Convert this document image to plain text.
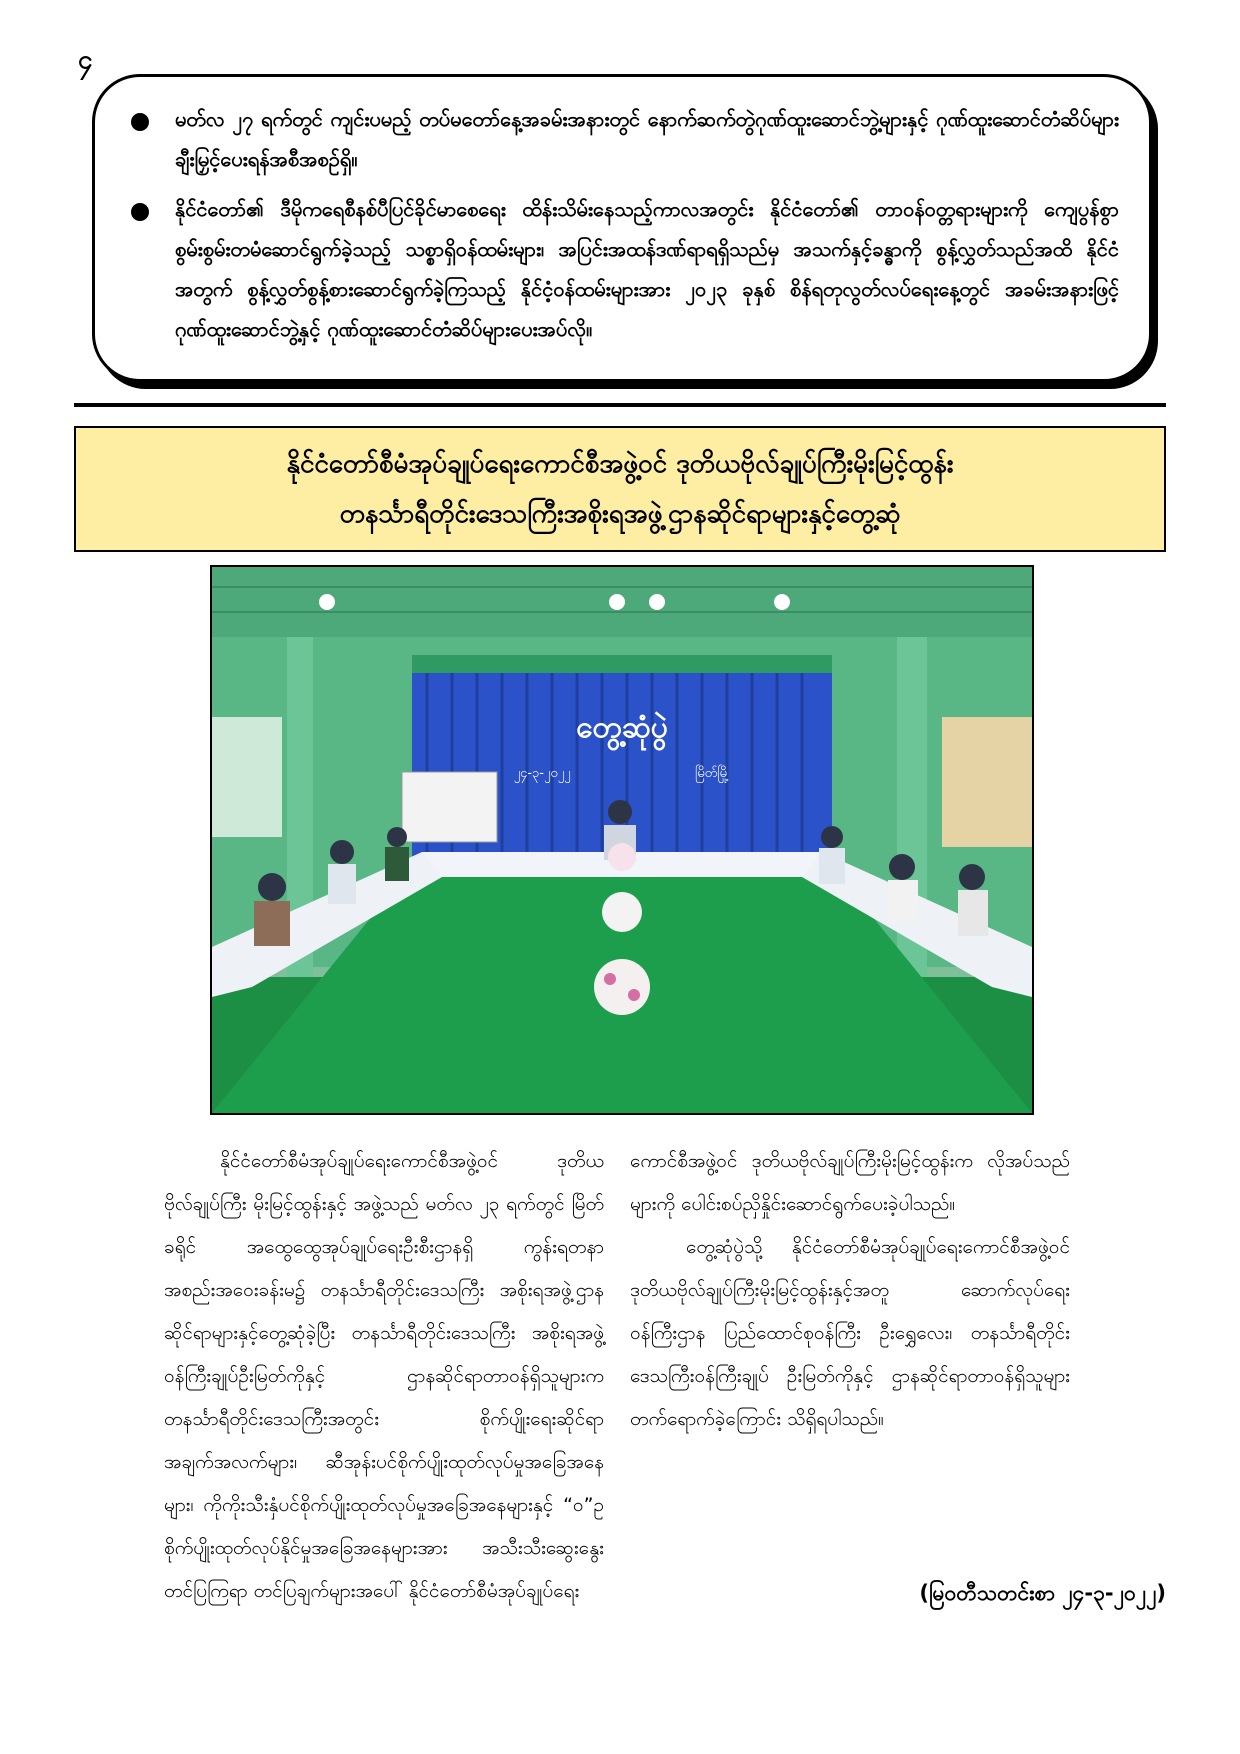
၄
မတ်လ ၂၇ ရက်တွင် ကျင်းပမည့် တပ်မတော်နေ့အခမ်းအနားတွင် နောက်ဆက်တွဲဂုဏ်ထူးဆောင်ဘွဲ့များနှင့် ဂုဏ်ထူးဆောင်တံဆိပ်များ ချီးမြှင့်ပေးရန်အစီအစဉ်ရှိ။
နိုင်ငံတော်၏ ဒီမိုကရေစီနစ်ပီပြင်ခိုင်မာစေရေး ထိန်းသိမ်းနေသည့်ကာလအတွင်း နိုင်ငံတော်၏ တာဝန်ဝတ္တရားများကို ကျေပွန်စွာ စွမ်းစွမ်းတမံဆောင်ရွက်ခဲ့သည့် သစ္စာရှိဝန်ထမ်းများ၊ အပြင်းအထန်ဒဏ်ရာရရှိသည်မှ အသက်နှင့်ခန္ဓာကို စွန့်လွှတ်သည်အထိ နိုင်ငံအတွက် စွန့်လွှတ်စွန့်စားဆောင်ရွက်ခဲ့ကြသည့် နိုင်ငံ့ဝန်ထမ်းများအား ၂၀၂၃ ခုနှစ် စိန်ရတုလွတ်လပ်ရေးနေ့တွင် အခမ်းအနားဖြင့် ဂုဏ်ထူးဆောင်ဘွဲ့နှင့် ဂုဏ်ထူးဆောင်တံဆိပ်များပေးအပ်လို။
နိုင်ငံတော်စီမံအုပ်ချုပ်ရေးကောင်စီအဖွဲ့ဝင် ဒုတိယဗိုလ်ချုပ်ကြီးမိုးမြင့်ထွန်း
တနင်္သာရီတိုင်းဒေသကြီးအစိုးရအဖွဲ့ဌာနဆိုင်ရာများနှင့်တွေ့ဆုံ
တွေ့ဆုံပွဲ
၂၄-၃-၂၀၂၂	မြိတ်မြို့

နိုင်ငံတော်စီမံအုပ်ချုပ်ရေးကောင်စီအဖွဲ့ဝင် ဒုတိယဗိုလ်ချုပ်ကြီး မိုးမြင့်ထွန်းနှင့် အဖွဲ့သည် မတ်လ ၂၃ ရက်တွင် မြိတ်ခရိုင် အထွေထွေအုပ်ချုပ်ရေးဦးစီးဌာနရှိ ကွန်းရတနာအစည်းအဝေးခန်းမ၌ တနင်္သာရီတိုင်းဒေသကြီး အစိုးရအဖွဲ့ဌာနဆိုင်ရာများနှင့်တွေ့ဆုံခဲ့ပြီး တနင်္သာရီတိုင်းဒေသကြီး အစိုးရအဖွဲ့ဝန်ကြီးချုပ်ဦးမြတ်ကိုနှင့် ဌာနဆိုင်ရာတာဝန်ရှိသူများက တနင်္သာရီတိုင်းဒေသကြီးအတွင်း စိုက်ပျိုးရေးဆိုင်ရာ အချက်အလက်များ၊ ဆီအုန်းပင်စိုက်ပျိုးထုတ်လုပ်မှုအခြေအနေများ၊ ကိုကိုးသီးနှံပင်စိုက်ပျိုးထုတ်လုပ်မှုအခြေအနေများနှင့် “ဝ”ဥစိုက်ပျိုးထုတ်လုပ်နိုင်မှုအခြေအနေများအား အသီးသီးဆွေးနွေးတင်ပြကြရာ တင်ပြချက်များအပေါ် နိုင်ငံတော်စီမံအုပ်ချုပ်ရေး

ကောင်စီအဖွဲ့ဝင် ဒုတိယဗိုလ်ချုပ်ကြီးမိုးမြင့်ထွန်းက လိုအပ်သည်များကို ပေါင်းစပ်ညှိနှိုင်းဆောင်ရွက်ပေးခဲ့ပါသည်။

တွေ့ဆုံပွဲသို့ နိုင်ငံတော်စီမံအုပ်ချုပ်ရေးကောင်စီအဖွဲ့ဝင် ဒုတိယဗိုလ်ချုပ်ကြီးမိုးမြင့်ထွန်းနှင့်အတူ ဆောက်လုပ်ရေးဝန်ကြီးဌာန ပြည်ထောင်စုဝန်ကြီး ဦးရွှေလေး၊ တနင်္သာရီတိုင်းဒေသကြီးဝန်ကြီးချုပ် ဦးမြတ်ကိုနှင့် ဌာနဆိုင်ရာတာဝန်ရှိသူများ တက်ရောက်ခဲ့ကြောင်း သိရှိရပါသည်။

(မြဝတီသတင်းစာ ၂၄-၃-၂၀၂၂)
